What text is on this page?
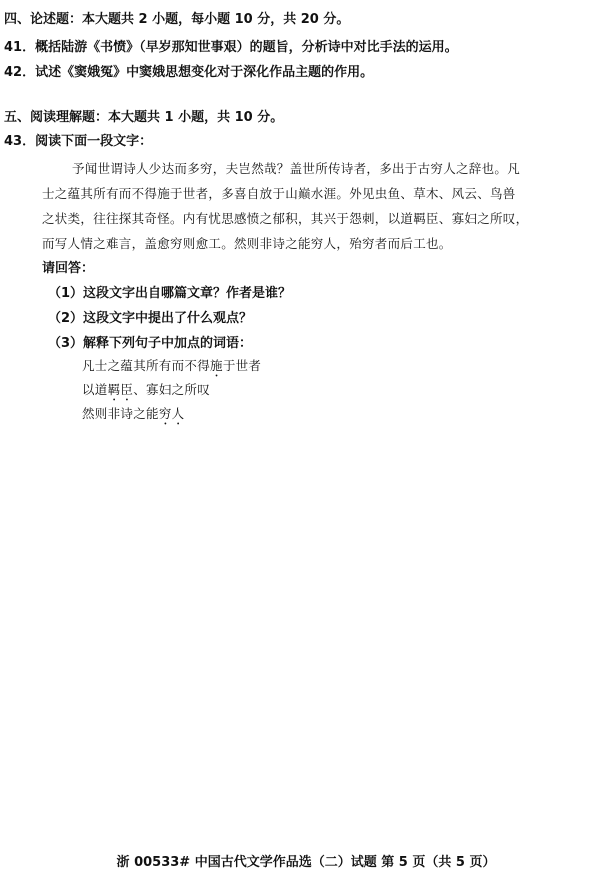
四、论述题：本大题共 2 小题，每小题 10 分，共 20 分。
41．概括陆游《书愤》（早岁那知世事艰）的题旨，分析诗中对比手法的运用。
42．试述《窦娥冤》中窦娥思想变化对于深化作品主题的作用。
五、阅读理解题：本大题共 1 小题，共 10 分。
43．阅读下面一段文字：
予闻世谓诗人少达而多穷，夫岂然哉？盖世所传诗者，多出于古穷人之辞也。凡
士之蕴其所有而不得施于世者，多喜自放于山巅水涯。外见虫鱼、草木、风云、鸟兽
之状类，往往探其奇怪。内有忧思感愤之郁积，其兴于怨刺，以道羁臣、寡妇之所叹，
而写人情之难言，盖愈穷则愈工。然则非诗之能穷人，殆穷者而后工也。
请回答：
（1）这段文字出自哪篇文章？作者是谁？
（2）这段文字中提出了什么观点？
（3）解释下列句子中加点的词语：
凡士之蕴其所有而不得施于世者
以道羁臣、寡妇之所叹
然则非诗之能穷人
浙 00533# 中国古代文学作品选（二）试题 第 5 页（共 5 页）
